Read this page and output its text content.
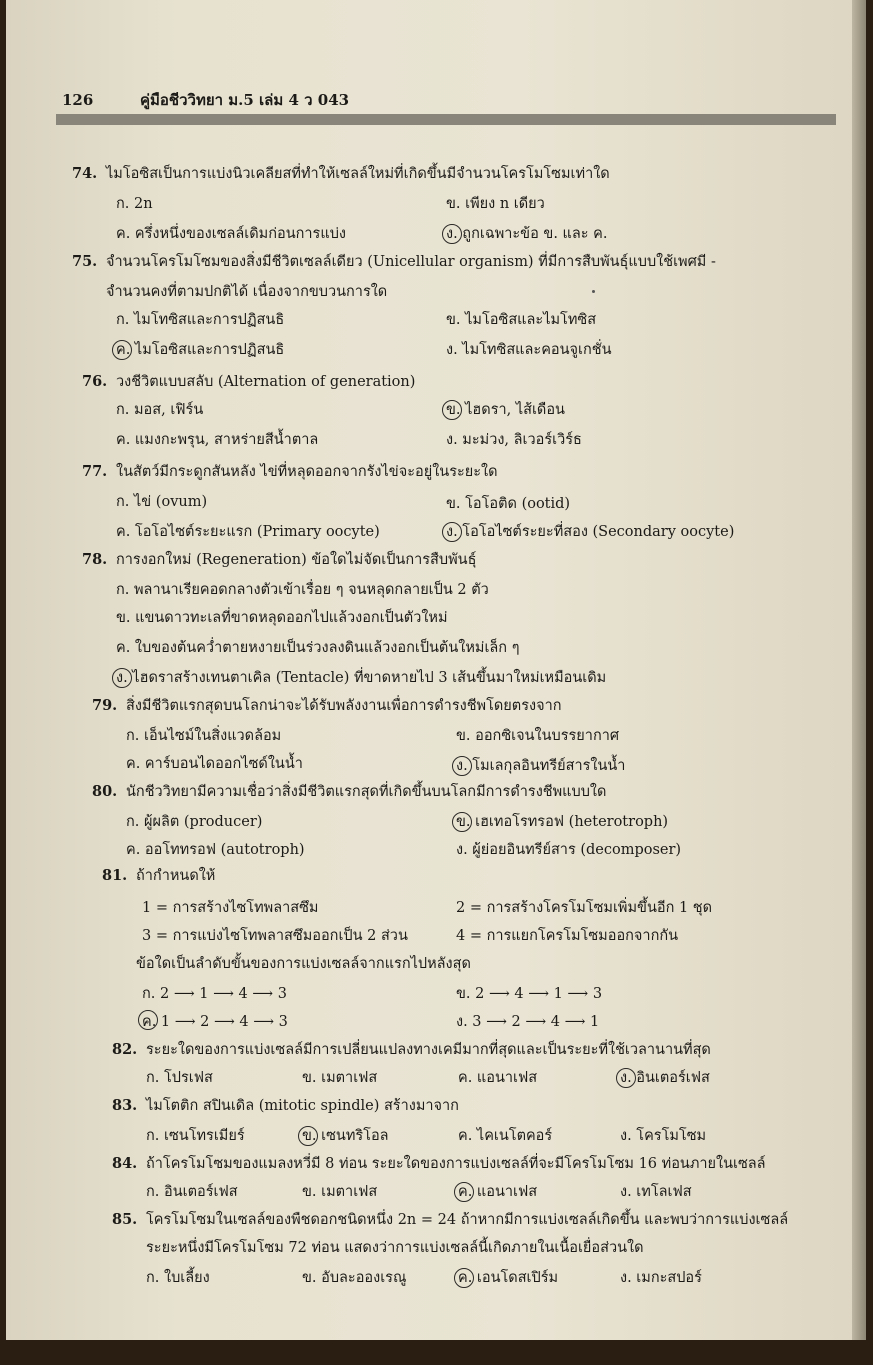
126	คู่มือชีววิทยา ม.5 เล่ม 4 ว 043
74. ไมโอซิสเป็นการแบ่งนิวเคลียสที่ทำให้เซลล์ใหม่ที่เกิดขึ้นมีจำนวนโครโมโซมเท่าใด
ก. 2n	ข. เพียง n เดียว
ค. ครึ่งหนึ่งของเซลล์เดิมก่อนการแบ่ง	ง. ถูกเฉพาะข้อ ข. และ ค.
75. จำนวนโครโมโซมของสิ่งมีชีวิตเซลล์เดียว (Unicellular organism) ที่มีการสืบพันธุ์แบบใช้เพศมี -
จำนวนคงที่ตามปกติได้ เนื่องจากขบวนการใด
ก. ไมโทซิสและการปฏิสนธิ	ข. ไมโอซิสและไมโทซิส
ค. ไมโอซิสและการปฏิสนธิ	ง. ไมโทซิสและคอนจูเกชั่น
76. วงชีวิตแบบสลับ (Alternation of generation)
ก. มอส, เฟิร์น	ข. ไฮดรา, ไส้เดือน
ค. แมงกะพรุน, สาหร่ายสีน้ำตาล	ง. มะม่วง, ลิเวอร์เวิร์ธ
77. ในสัตว์มีกระดูกสันหลัง ไข่ที่หลุดออกจากรังไข่จะอยู่ในระยะใด
ก. ไข่ (ovum)	ข. โอโอติด (ootid)
ค. โอโอไซต์ระยะแรก (Primary oocyte)	ง. โอโอไซต์ระยะที่สอง (Secondary oocyte)
78. การงอกใหม่ (Regeneration) ข้อใดไม่จัดเป็นการสืบพันธุ์
ก. พลานาเรียคอดกลางตัวเข้าเรื่อย ๆ จนหลุดกลายเป็น 2 ตัว
ข. แขนดาวทะเลที่ขาดหลุดออกไปแล้วงอกเป็นตัวใหม่
ค. ใบของต้นคว่ำตายหงายเป็นร่วงลงดินแล้วงอกเป็นต้นใหม่เล็ก ๆ
ง. ไฮดราสร้างเทนตาเคิล (Tentacle) ที่ขาดหายไป 3 เส้นขึ้นมาใหม่เหมือนเดิม
79. สิ่งมีชีวิตแรกสุดบนโลกน่าจะได้รับพลังงานเพื่อการดำรงชีพโดยตรงจาก
ก. เอ็นไซม์ในสิ่งแวดล้อม	ข. ออกซิเจนในบรรยากาศ
ค. คาร์บอนไดออกไซด์ในน้ำ	ง. โมเลกุลอินทรีย์สารในน้ำ
80. นักชีววิทยามีความเชื่อว่าสิ่งมีชีวิตแรกสุดที่เกิดขึ้นบนโลกมีการดำรงชีพแบบใด
ก. ผู้ผลิต (producer)	ข. เฮเทอโรทรอฟ (heterotroph)
ค. ออโททรอฟ (autotroph)	ง. ผู้ย่อยอินทรีย์สาร (decomposer)
81. ถ้ากำหนดให้
1 = การสร้างไซโทพลาสซึม	2 = การสร้างโครโมโซมเพิ่มขึ้นอีก 1 ชุด
3 = การแบ่งไซโทพลาสซึมออกเป็น 2 ส่วน	4 = การแยกโครโมโซมออกจากกัน
ข้อใดเป็นลำดับขั้นของการแบ่งเซลล์จากแรกไปหลังสุด
ก. 2 ⟶ 1 ⟶ 4 ⟶ 3	ข. 2 ⟶ 4 ⟶ 1 ⟶ 3
ค. 1 ⟶ 2 ⟶ 4 ⟶ 3	ง. 3 ⟶ 2 ⟶ 4 ⟶ 1
82. ระยะใดของการแบ่งเซลล์มีการเปลี่ยนแปลงทางเคมีมากที่สุดและเป็นระยะที่ใช้เวลานานที่สุด
ก. โปรเฟส	ข. เมตาเฟส	ค. แอนาเฟส	ง. อินเตอร์เฟส
83. ไมโตติก สปินเดิล (mitotic spindle) สร้างมาจาก
ก. เซนโทรเมียร์	ข. เซนทริโอล	ค. ไคเนโตคอร์	ง. โครโมโซม
84. ถ้าโครโมโซมของแมลงหวี่มี 8 ท่อน ระยะใดของการแบ่งเซลล์ที่จะมีโครโมโซม 16 ท่อนภายในเซลล์
ก. อินเตอร์เฟส	ข. เมตาเฟส	ค. แอนาเฟส	ง. เทโลเฟส
85. โครโมโซมในเซลล์ของพืชดอกชนิดหนึ่ง 2n = 24 ถ้าหากมีการแบ่งเซลล์เกิดขึ้น และพบว่าการแบ่งเซลล์
ระยะหนึ่งมีโครโมโซม 72 ท่อน แสดงว่าการแบ่งเซลล์นี้เกิดภายในเนื้อเยื่อส่วนใด
ก. ใบเลี้ยง	ข. อับละอองเรณู	ค. เอนโดสเปิร์ม	ง. เมกะสปอร์
